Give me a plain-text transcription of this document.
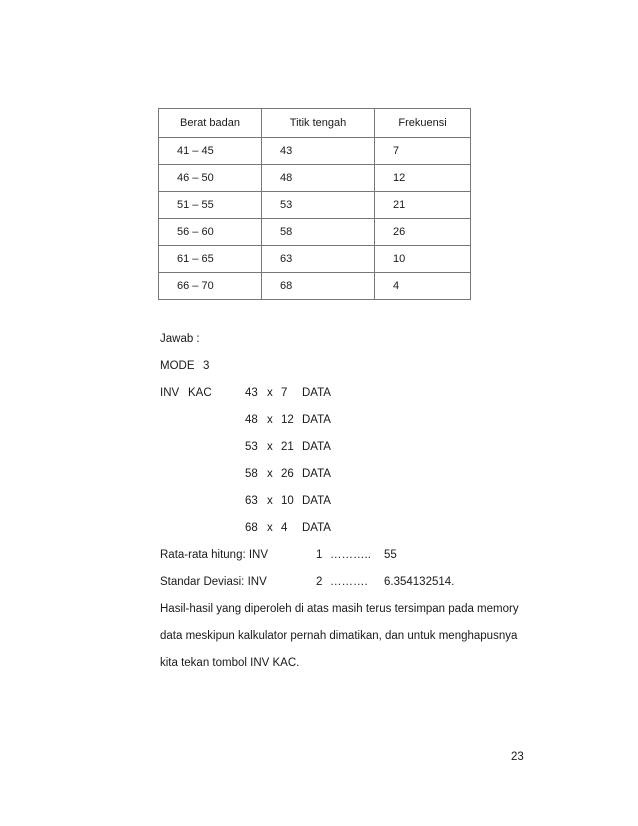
Berat badan	Titik tengah	Frekuensi
41 – 45	43	7
46 – 50	48	12
51 – 55	53	21
56 – 60	58	26
61 – 65	63	10
66 – 70	68	4
Jawab :
MODE 3
INV KAC	43 x 7 DATA
48 x 12 DATA
53 x 21 DATA
58 x 26 DATA
63 x 10 DATA
68 x 4 DATA
Rata-rata hitung: INV	1 ……….. 55
Standar Deviasi: INV	2 ………. 6.354132514.
Hasil-hasil yang diperoleh di atas masih terus tersimpan pada memory
data meskipun kalkulator pernah dimatikan, dan untuk menghapusnya
kita tekan tombol INV KAC.
23
